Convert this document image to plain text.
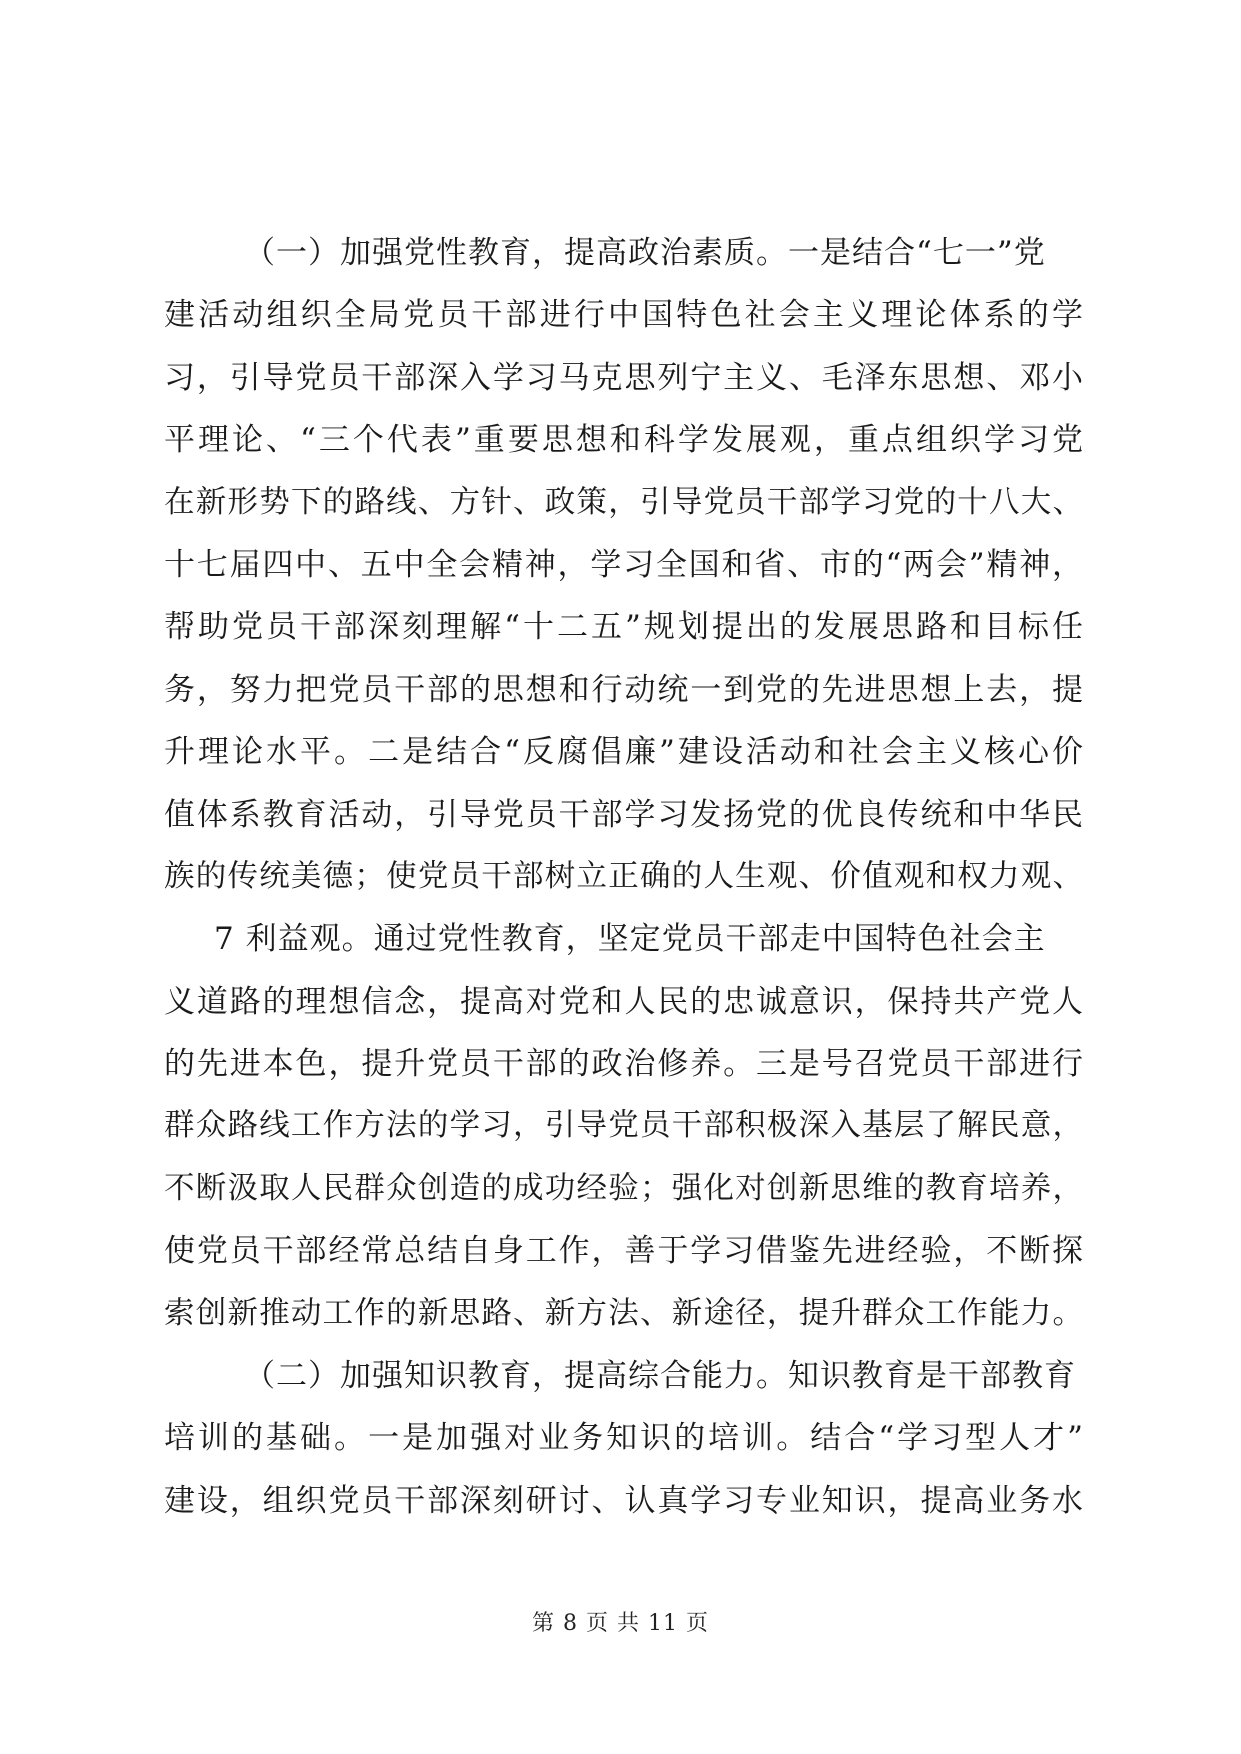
（一）加强党性教育，提高政治素质。一是结合“七一”党
建活动组织全局党员干部进行中国特色社会主义理论体系的学
习，引导党员干部深入学习马克思列宁主义、毛泽东思想、邓小
平理论、“三个代表”重要思想和科学发展观，重点组织学习党
在新形势下的路线、方针、政策，引导党员干部学习党的十八大、
十七届四中、五中全会精神，学习全国和省、市的“两会”精神，
帮助党员干部深刻理解“十二五”规划提出的发展思路和目标任
务，努力把党员干部的思想和行动统一到党的先进思想上去，提
升理论水平。二是结合“反腐倡廉”建设活动和社会主义核心价
值体系教育活动，引导党员干部学习发扬党的优良传统和中华民
族的传统美德；使党员干部树立正确的人生观、价值观和权力观、
7 利益观。通过党性教育，坚定党员干部走中国特色社会主
义道路的理想信念，提高对党和人民的忠诚意识，保持共产党人
的先进本色，提升党员干部的政治修养。三是号召党员干部进行
群众路线工作方法的学习，引导党员干部积极深入基层了解民意，
不断汲取人民群众创造的成功经验；强化对创新思维的教育培养，
使党员干部经常总结自身工作，善于学习借鉴先进经验，不断探
索创新推动工作的新思路、新方法、新途径，提升群众工作能力。
（二）加强知识教育，提高综合能力。知识教育是干部教育
培训的基础。一是加强对业务知识的培训。结合“学习型人才”
建设，组织党员干部深刻研讨、认真学习专业知识，提高业务水
第 8 页 共 11 页
